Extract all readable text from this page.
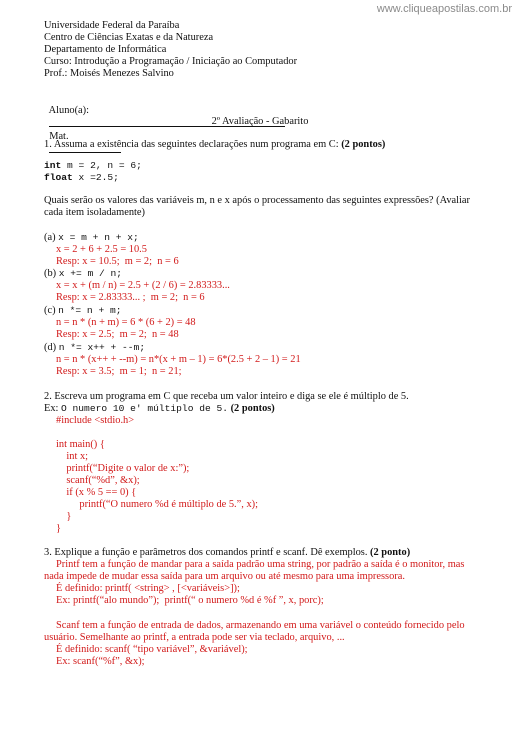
www.cliqueapostilas.com.br
Universidade Federal da Paraíba
Centro de Ciências Exatas e da Natureza
Departamento de Informática
Curso: Introdução a Programação / Iniciação ao Computador
Prof.: Moisés Menezes Salvino

Aluno(a):

Mat.

2º Avaliação - Gabarito
1. Assuma a existência das seguintes declarações num programa em C: (2 pontos)
int m = 2, n = 6;
float x =2.5;
Quais serão os valores das variáveis m, n e x após o processamento das seguintes expressões? (Avaliar
cada item isoladamente)
(a) x = m + n + x;
x = 2 + 6 + 2.5 = 10.5
Resp: x = 10.5;  m = 2;  n = 6
(b) x += m / n;
x = x + (m / n) = 2.5 + (2 / 6) = 2.83333...
Resp: x = 2.83333... ;  m = 2;  n = 6
(c) n *= n + m;
n = n * (n + m) = 6 * (6 + 2) = 48
Resp: x = 2.5;  m = 2;  n = 48
(d) n *= x++ + --m;
n = n * (x++ + --m) = n*(x + m – 1) = 6*(2.5 + 2 – 1) = 21
Resp: x = 3.5;  m = 1;  n = 21;
2. Escreva um programa em C que receba um valor inteiro e diga se ele é múltiplo de 5.
Ex: O numero 10 e' múltiplo de 5. (2 pontos)
#include <stdio.h>
int main() {
int x;
printf(“Digite o valor de x:”);
scanf(“%d”, &x);
if (x % 5 == 0) {
printf(“O numero %d é múltiplo de 5.”, x);
}
}
3. Explique a função e parâmetros dos comandos printf e scanf. Dê exemplos. (2 ponto)
Printf tem a função de mandar para a saída padrão uma string, por padrão a saída é o monitor, mas
nada impede de mudar essa saída para um arquivo ou até mesmo para uma impressora.
É definido: printf( <string> , [<variáveis>]);
Ex: printf(“alo mundo”);  printf(“ o numero %d é %f ”, x, porc);
Scanf tem a função de entrada de dados, armazenando em uma variável o conteúdo fornecido pelo
usuário. Semelhante ao printf, a entrada pode ser via teclado, arquivo, ...
É definido: scanf( “tipo variável”, &variável);
Ex: scanf(“%f”, &x);
